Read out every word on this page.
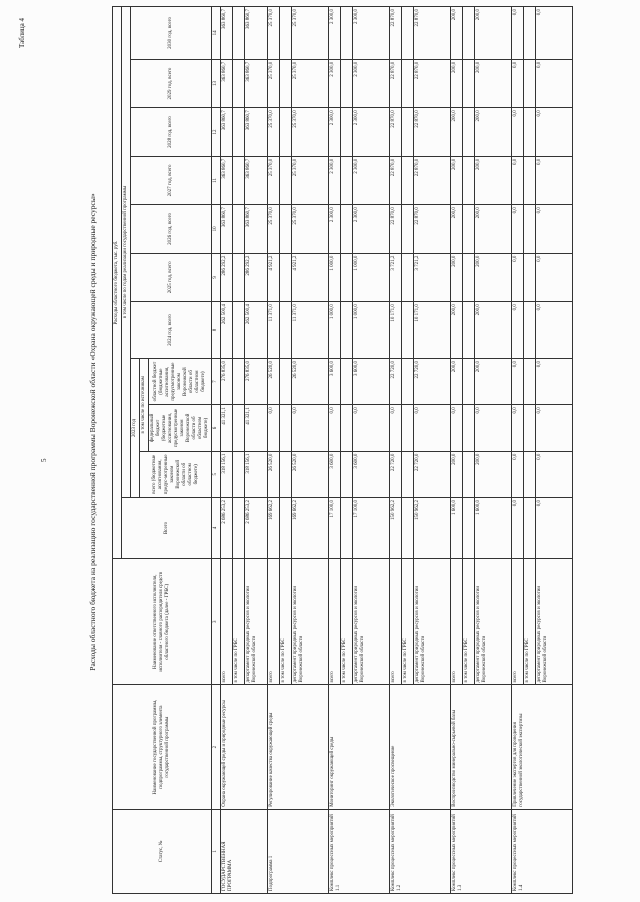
5
Таблица 4
Расходы областного бюджета на реализацию государственной программы Воронежской области «Охрана окружающей среды и природные ресурсы»
Статус, №	Наименование государственной программы, подпрограммы, структурного элемента государственной программы	Наименование ответственного исполнителя, исполнителя - главного распорядителя средств областного бюджета (далее - ГРБС)	Расходы областного бюджета, тыс. руб.										
			Всего	в том числе по годам реализации государственной программы									
				2023 год			2024 год, всего	2025 год, всего	2026 год, всего	2027 год, всего	2028 год, всего	2029 год, всего	2030 год, всего
				всего (бюджетные ассигнования, предус-мотренные законом Воронежской области об областном бюджете)	в том числе по источникам								
					федеральный бюджет (бюджетные ассигнования, предусмотренные законом Воронежской области об областном бюджете)	областной бюджет (бюджетные ассигнования, предусмотренные законом Воронежской области об областном бюджете)							
1	2	3	4	5	6	7	8	9	10	11	12	13	14
ГОСУДАРСТВЕННАЯ ПРОГРАММА	Охрана окружающей среды и природные ресурсы	всего	2 686 253,2	318 156,1	41 321,1	276 835,0	262 500,4	286 292,2	363 860,7	363 860,7	363 860,7	363 860,7	363 860,7
		в том числе по ГРБС											
		департамент природных ресурсов и экологии Воронежской области	2 686 253,2	318 156,1	41 321,1	276 835,0	262 500,4	286 292,2	363 860,7	363 860,7	363 860,7	363 860,7	363 860,7
Подпрограмма 1	Регулирование качества окружающей среды	всего	169 662,2	26 520,0	0,0	26 520,0	11 371,0	4 921,2	25 370,0	25 370,0	25 370,0	25 370,0	25 370,0
		в том числе по ГРБС											
		департамент природных ресурсов и экологии Воронежской области	169 662,2	26 520,0	0,0	26 520,0	11 371,0	4 921,2	25 370,0	25 370,0	25 370,0	25 370,0	25 370,0
Комплекс процессных мероприятий 1.1	Мониторинг окружающей среды	всего	17 100,0	3 600,0	0,0	3 600,0	1 000,0	1 000,0	2 300,0	2 300,0	2 300,0	2 300,0	2 300,0
		в том числе по ГРБС											
		департамент природных ресурсов и экологии Воронежской области	17 100,0	3 600,0	0,0	3 600,0	1 000,0	1 000,0	2 300,0	2 300,0	2 300,0	2 300,0	2 300,0
Комплекс процессных мероприятий 1.2	Экологическое просвещение	всего	150 962,2	22 720,0	0,0	22 720,0	10 171,0	3 721,2	22 870,0	22 870,0	22 870,0	22 870,0	22 870,0
		в том числе по ГРБС											
		департамент природных ресурсов и экологии Воронежской области	150 962,2	22 720,0	0,0	22 720,0	10 171,0	3 721,2	22 870,0	22 870,0	22 870,0	22 870,0	22 870,0
Комплекс процессных мероприятий 1.3	Воспроизводство минерально-сырьевой базы	всего	1 600,0	200,0	0,0	200,0	200,0	200,0	200,0	200,0	200,0	200,0	200,0
		в том числе по ГРБС											
		департамент природных ресурсов и экологии Воронежской области	1 600,0	200,0	0,0	200,0	200,0	200,0	200,0	200,0	200,0	200,0	200,0
Комплекс процессных мероприятий 1.4	Привлечение экспертов для проведения государственной экологической экспертизы	всего	0,0	0,0	0,0	0,0	0,0	0,0	0,0	0,0	0,0	0,0	0,0
		в том числе по ГРБС											
		департамент природных ресурсов и экологии Воронежской области	0,0	0,0	0,0	0,0	0,0	0,0	0,0	0,0	0,0	0,0	0,0
